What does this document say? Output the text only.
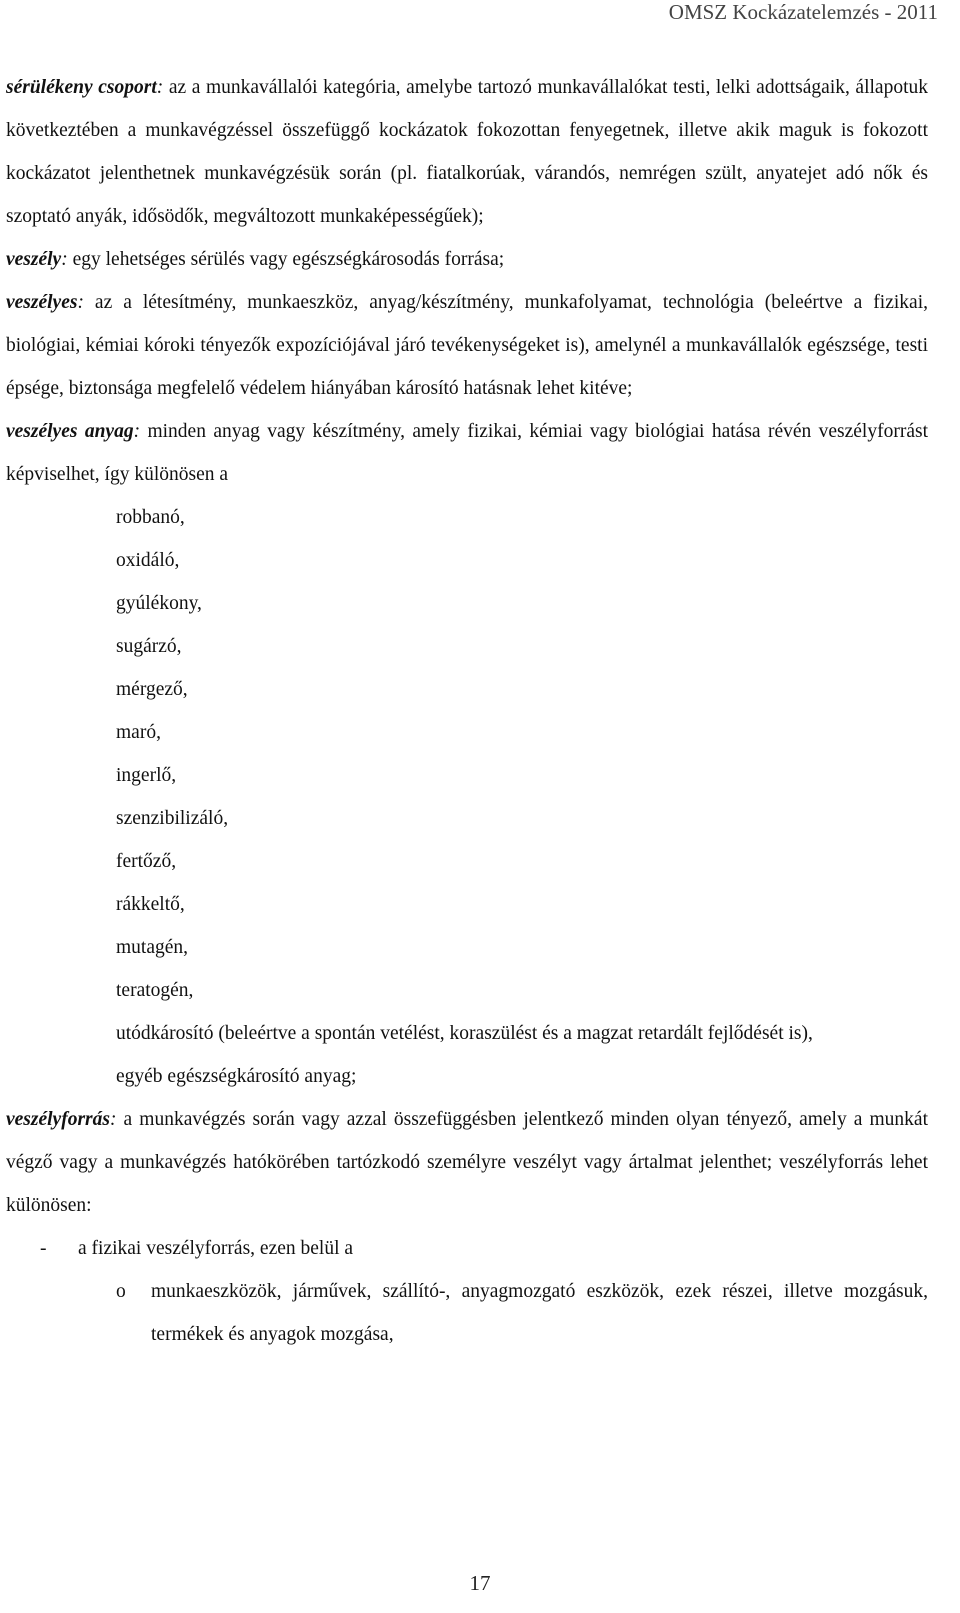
OMSZ Kockázatelemzés - 2011

sérülékeny csoport: az a munkavállalói kategória, amelybe tartozó munkavállalókat testi, lelki adottságaik, állapotuk következtében a munkavégzéssel összefüggő kockázatok fokozottan fenyegetnek, illetve akik maguk is fokozott kockázatot jelenthetnek munkavégzésük során (pl. fiatalkorúak, várandós, nemrégen szült, anyatejet adó nők és szoptató anyák, idősödők, megváltozott munkaképességűek);

veszély: egy lehetséges sérülés vagy egészségkárosodás forrása;

veszélyes: az a létesítmény, munkaeszköz, anyag/készítmény, munkafolyamat, technológia (beleértve a fizikai, biológiai, kémiai kóroki tényezők expozíciójával járó tevékenységeket is), amelynél a munkavállalók egészsége, testi épsége, biztonsága megfelelő védelem hiányában károsító hatásnak lehet kitéve;

veszélyes anyag: minden anyag vagy készítmény, amely fizikai, kémiai vagy biológiai hatása révén veszélyforrást képviselhet, így különösen a

robbanó,

oxidáló,

gyúlékony,

sugárzó,

mérgező,

maró,

ingerlő,

szenzibilizáló,

fertőző,

rákkeltő,

mutagén,

teratogén,

utódkárosító (beleértve a spontán vetélést, koraszülést és a magzat retardált fejlődését is),

egyéb egészségkárosító anyag;

veszélyforrás: a munkavégzés során vagy azzal összefüggésben jelentkező minden olyan tényező, amely a munkát végző vagy a munkavégzés hatókörében tartózkodó személyre veszélyt vagy ártalmat jelenthet; veszélyforrás lehet különösen:

- a fizikai veszélyforrás, ezen belül a

o munkaeszközök, járművek, szállító-, anyagmozgató eszközök, ezek részei, illetve mozgásuk, termékek és anyagok mozgása,

17
